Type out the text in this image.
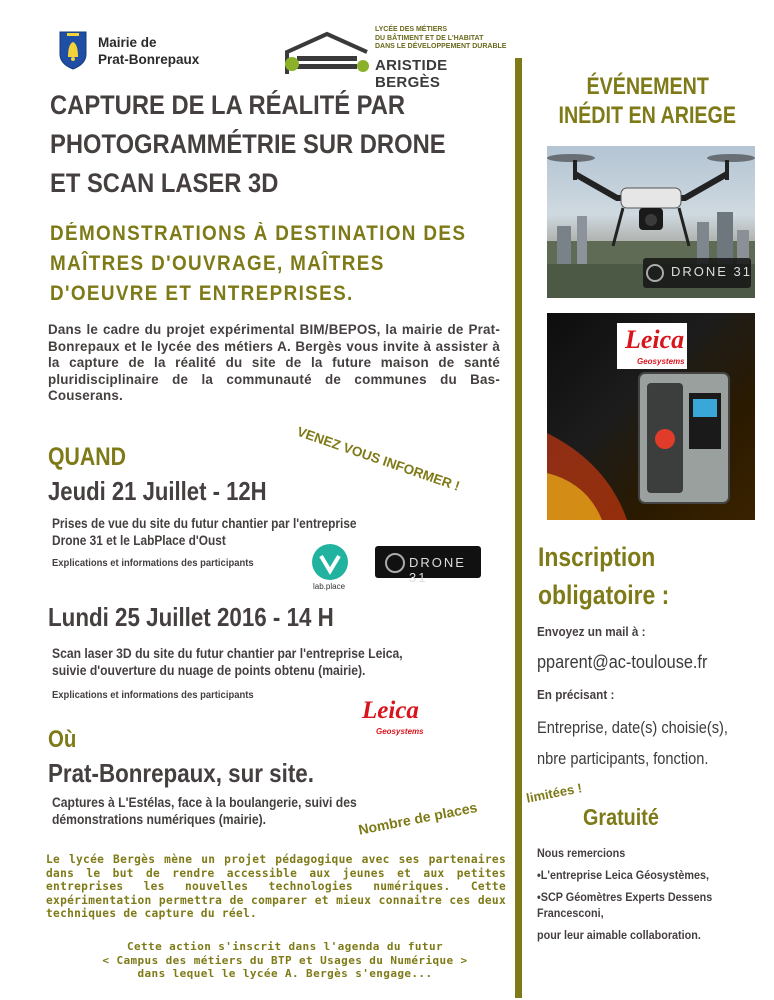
Mairie de
Prat-Bonrepaux
LYCÉE DES MÉTIERS
DU BÂTIMENT ET DE L'HABITAT
DANS LE DÉVELOPPEMENT DURABLE
ARISTIDE BERGÈS
CAPTURE DE LA RÉALITÉ PAR
PHOTOGRAMMÉTRIE SUR DRONE
ET SCAN LASER 3D
DÉMONSTRATIONS À DESTINATION DES
MAÎTRES D'OUVRAGE, MAÎTRES
D'OEUVRE ET ENTREPRISES.
Dans le cadre du projet expérimental BIM/BEPOS, la mairie de Prat-Bonrepaux et le lycée des métiers A. Bergès vous invite à assister à la capture de la réalité du site de la future maison de santé pluridisciplinaire de la communauté de communes du Bas-Couserans.
VENEZ VOUS INFORMER !
QUAND
Jeudi 21 Juillet - 12H
Prises de vue du site du futur chantier par l'entreprise
Drone 31 et le LabPlace d'Oust
Explications et informations des participants
lab.place
DRONE 31
Lundi 25 Juillet 2016 - 14 H
Scan laser 3D du site du futur chantier par l'entreprise Leica,
suivie d'ouverture du nuage de points obtenu (mairie).
Explications et informations des participants
Leica
Geosystems
Où
Prat-Bonrepaux, sur site.
Captures à L'Estélas, face à la boulangerie, suivi des
démonstrations numériques (mairie).	Nombre de places
limitées !
Le lycée Bergès mène un projet pédagogique avec ses partenaires dans le but de rendre accessible aux jeunes et aux petites entreprises les nouvelles technologies numériques. Cette expérimentation permettra de comparer et mieux connaitre ces deux techniques de capture du réel.
Cette action s'inscrit dans l'agenda du futur
< Campus des métiers du BTP et Usages du Numérique >
dans lequel le lycée A. Bergès s'engage...
ÉVÉNEMENT
INÉDIT EN ARIEGE
DRONE 31
Leica
Geosystems
Inscription
obligatoire :
Envoyez un mail à :
pparent@ac-toulouse.fr
En précisant :
Entreprise, date(s) choisie(s),
nbre participants, fonction.
Gratuité
Nous remercions
•L'entreprise Leica Géosystèmes,
•SCP Géomètres Experts Dessens
Francesconi,
pour leur aimable collaboration.
